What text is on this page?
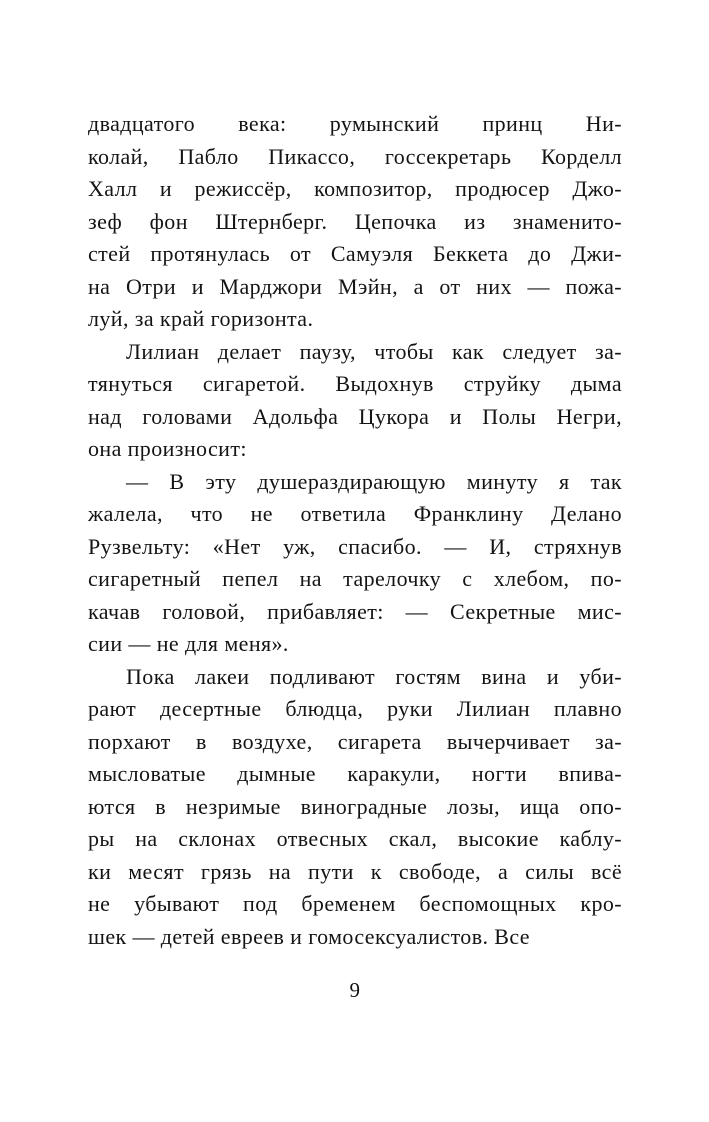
двадцатого века: румынский принц Ни-
колай, Пабло Пикассо, госсекретарь Корделл
Халл и режиссёр, композитор, продюсер Джо-
зеф фон Штернберг. Цепочка из знаменито-
стей протянулась от Самуэля Беккета до Джи-
на Отри и Марджори Мэйн, а от них — пожа-
луй, за край горизонта.
Лилиан делает паузу, чтобы как следует за-
тянуться сигаретой. Выдохнув струйку дыма
над головами Адольфа Цукора и Полы Негри,
она произносит:
— В эту душераздирающую минуту я так
жалела, что не ответила Франклину Делано
Рузвельту: «Нет уж, спасибо. — И, стряхнув
сигаретный пепел на тарелочку с хлебом, по-
качав головой, прибавляет: — Секретные мис-
сии — не для меня».
Пока лакеи подливают гостям вина и уби-
рают десертные блюдца, руки Лилиан плавно
порхают в воздухе, сигарета вычерчивает за-
мысловатые дымные каракули, ногти впива-
ются в незримые виноградные лозы, ища опо-
ры на склонах отвесных скал, высокие каблу-
ки месят грязь на пути к свободе, а силы всё
не убывают под бременем беспомощных кро-
шек — детей евреев и гомосексуалистов. Все
9
